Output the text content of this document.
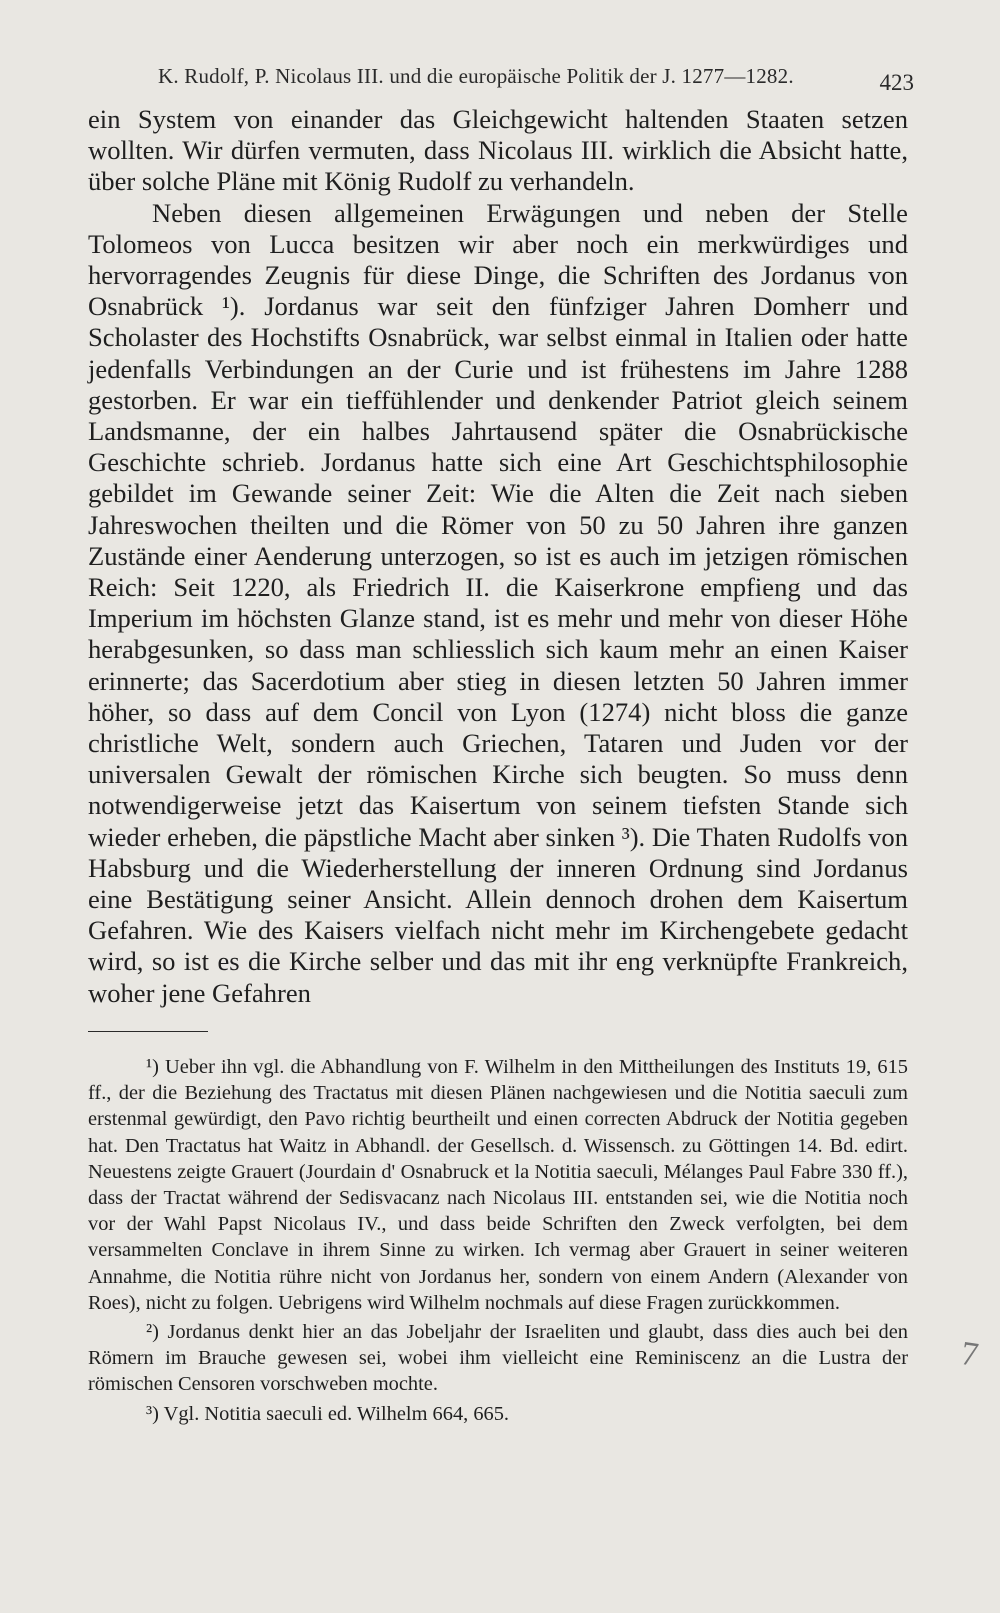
K. Rudolf, P. Nicolaus III. und die europäische Politik der J. 1277—1282.	423

ein System von einander das Gleichgewicht haltenden Staaten setzen wollten. Wir dürfen vermuten, dass Nicolaus III. wirklich die Absicht hatte, über solche Pläne mit König Rudolf zu verhandeln.

Neben diesen allgemeinen Erwägungen und neben der Stelle Tolomeos von Lucca besitzen wir aber noch ein merkwürdiges und hervorragendes Zeugnis für diese Dinge, die Schriften des Jordanus von Osnabrück ¹). Jordanus war seit den fünfziger Jahren Domherr und Scholaster des Hochstifts Osnabrück, war selbst einmal in Italien oder hatte jedenfalls Verbindungen an der Curie und ist frühestens im Jahre 1288 gestorben. Er war ein tieffühlender und denkender Patriot gleich seinem Landsmanne, der ein halbes Jahrtausend später die Osnabrückische Geschichte schrieb. Jordanus hatte sich eine Art Geschichtsphilosophie gebildet im Gewande seiner Zeit: Wie die Alten die Zeit nach sieben Jahreswochen theilten und die Römer von 50 zu 50 Jahren ihre ganzen Zustände einer Aenderung unterzogen, so ist es auch im jetzigen römischen Reich: Seit 1220, als Friedrich II. die Kaiserkrone empfieng und das Imperium im höchsten Glanze stand, ist es mehr und mehr von dieser Höhe herabgesunken, so dass man schliesslich sich kaum mehr an einen Kaiser erinnerte; das Sacerdotium aber stieg in diesen letzten 50 Jahren immer höher, so dass auf dem Concil von Lyon (1274) nicht bloss die ganze christliche Welt, sondern auch Griechen, Tataren und Juden vor der universalen Gewalt der römischen Kirche sich beugten. So muss denn notwendigerweise jetzt das Kaisertum von seinem tiefsten Stande sich wieder erheben, die päpstliche Macht aber sinken ³). Die Thaten Rudolfs von Habsburg und die Wiederherstellung der inneren Ordnung sind Jordanus eine Bestätigung seiner Ansicht. Allein dennoch drohen dem Kaisertum Gefahren. Wie des Kaisers vielfach nicht mehr im Kirchengebete gedacht wird, so ist es die Kirche selber und das mit ihr eng verknüpfte Frankreich, woher jene Gefahren

¹) Ueber ihn vgl. die Abhandlung von F. Wilhelm in den Mittheilungen des Instituts 19, 615 ff., der die Beziehung des Tractatus mit diesen Plänen nachgewiesen und die Notitia saeculi zum erstenmal gewürdigt, den Pavo richtig beurtheilt und einen correcten Abdruck der Notitia gegeben hat. Den Tractatus hat Waitz in Abhandl. der Gesellsch. d. Wissensch. zu Göttingen 14. Bd. edirt. Neuestens zeigte Grauert (Jourdain d' Osnabruck et la Notitia saeculi, Mélanges Paul Fabre 330 ff.), dass der Tractat während der Sedisvacanz nach Nicolaus III. entstanden sei, wie die Notitia noch vor der Wahl Papst Nicolaus IV., und dass beide Schriften den Zweck verfolgten, bei dem versammelten Conclave in ihrem Sinne zu wirken. Ich vermag aber Grauert in seiner weiteren Annahme, die Notitia rühre nicht von Jordanus her, sondern von einem Andern (Alexander von Roes), nicht zu folgen. Uebrigens wird Wilhelm nochmals auf diese Fragen zurückkommen.

²) Jordanus denkt hier an das Jobeljahr der Israeliten und glaubt, dass dies auch bei den Römern im Brauche gewesen sei, wobei ihm vielleicht eine Reminiscenz an die Lustra der römischen Censoren vorschweben mochte.

³) Vgl. Notitia saeculi ed. Wilhelm 664, 665.

7
